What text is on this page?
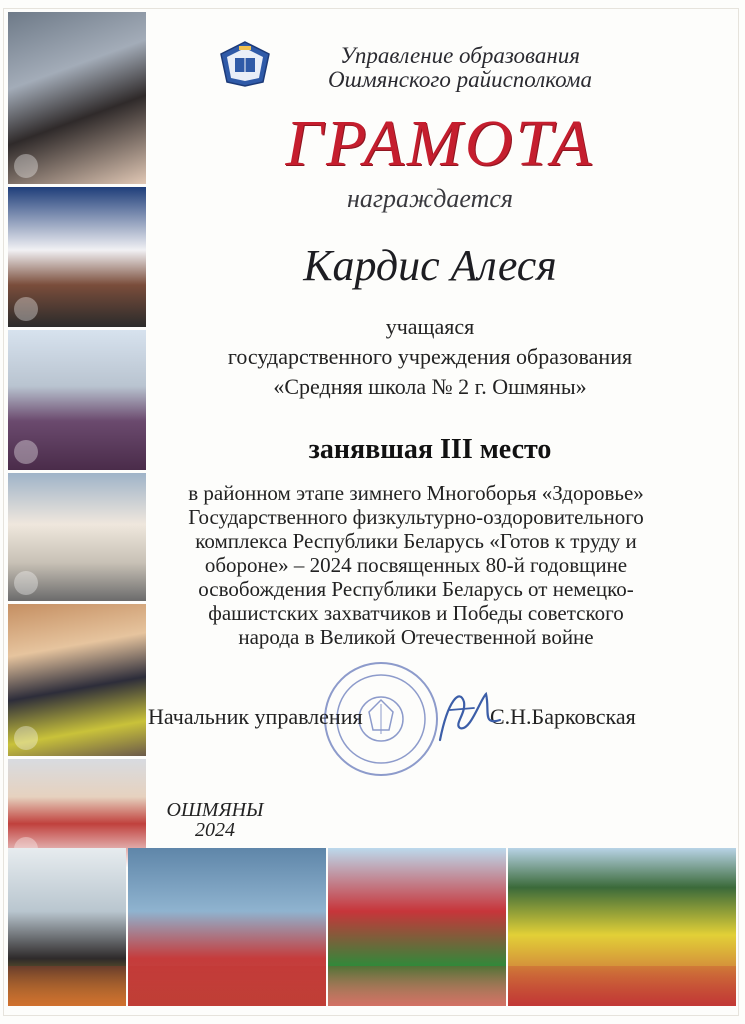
Управление образования
Ошмянского райисполкома
ГРАМОТА
награждается
Кардис Алеся
учащаяся
государственного учреждения образования
«Средняя школа № 2 г. Ошмяны»
занявшая III место
в районном этапе зимнего Многоборья «Здоровье»
Государственного физкультурно-оздоровительного
комплекса Республики Беларусь «Готов к труду и
обороне» – 2024 посвященных 80-й годовщине
освобождения Республики Беларусь от немецко-
фашистских захватчиков и Победы советского
народа в Великой Отечественной войне
Начальник управления	С.Н.Барковская
ОШМЯНЫ
2024
